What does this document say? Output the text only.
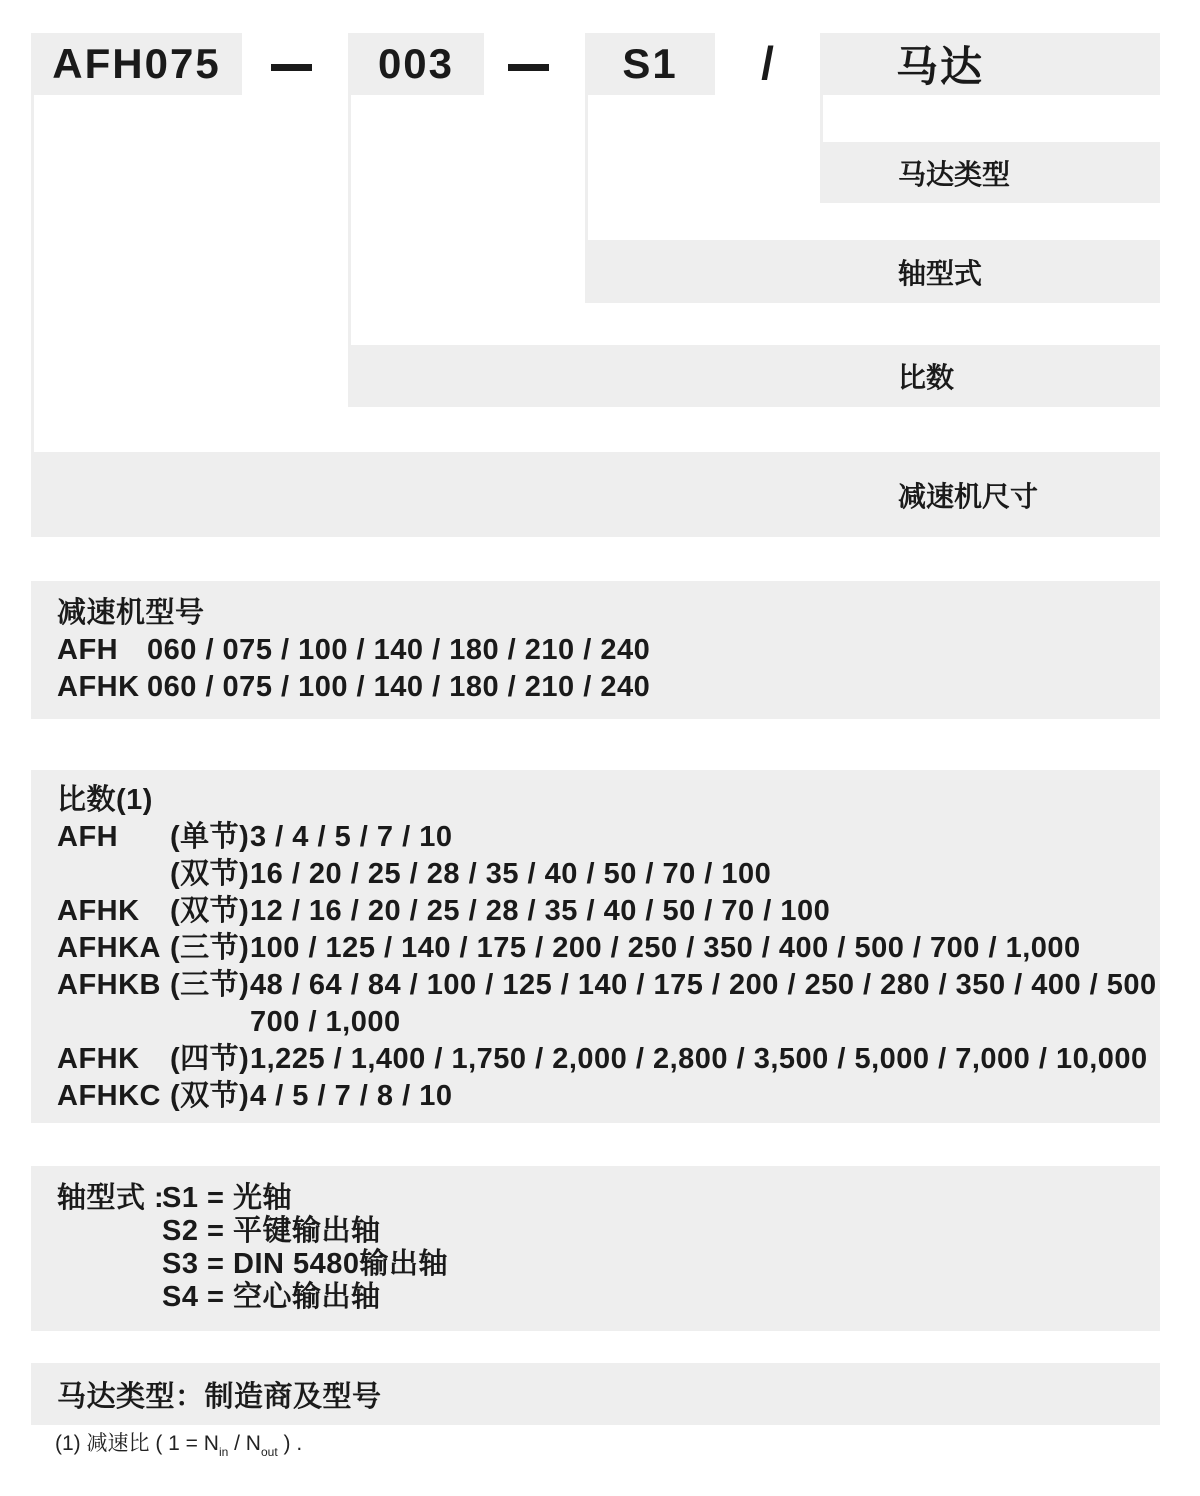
AFH075	003	S1	/	马达
马达类型
轴型式
比数
减速机尺寸
减速机型号
AFH 060 / 075 / 100 / 140 / 180 / 210 / 240
AFHK 060 / 075 / 100 / 140 / 180 / 210 / 240
比数(1)
AFH (单节)3 / 4 / 5 / 7 / 10
(双节)16 / 20 / 25 / 28 / 35 / 40 / 50 / 70 / 100
AFHK (双节)12 / 16 / 20 / 25 / 28 / 35 / 40 / 50 / 70 / 100
AFHKA (三节)100 / 125 / 140 / 175 / 200 / 250 / 350 / 400 / 500 / 700 / 1,000
AFHKB (三节)48 / 64 / 84 / 100 / 125 / 140 / 175 / 200 / 250 / 280 / 350 / 400 / 500
700 / 1,000
AFHK (四节)1,225 / 1,400 / 1,750 / 2,000 / 2,800 / 3,500 / 5,000 / 7,000 / 10,000
AFHKC (双节)4 / 5 / 7 / 8 / 10
轴型式 :S1 = 光轴
S2 = 平键输出轴
S3 = DIN 5480输出轴
S4 = 空心输出轴
马达类型：制造商及型号
(1) 减速比 ( $1 = N_{in} / N_{out}$ ) .
